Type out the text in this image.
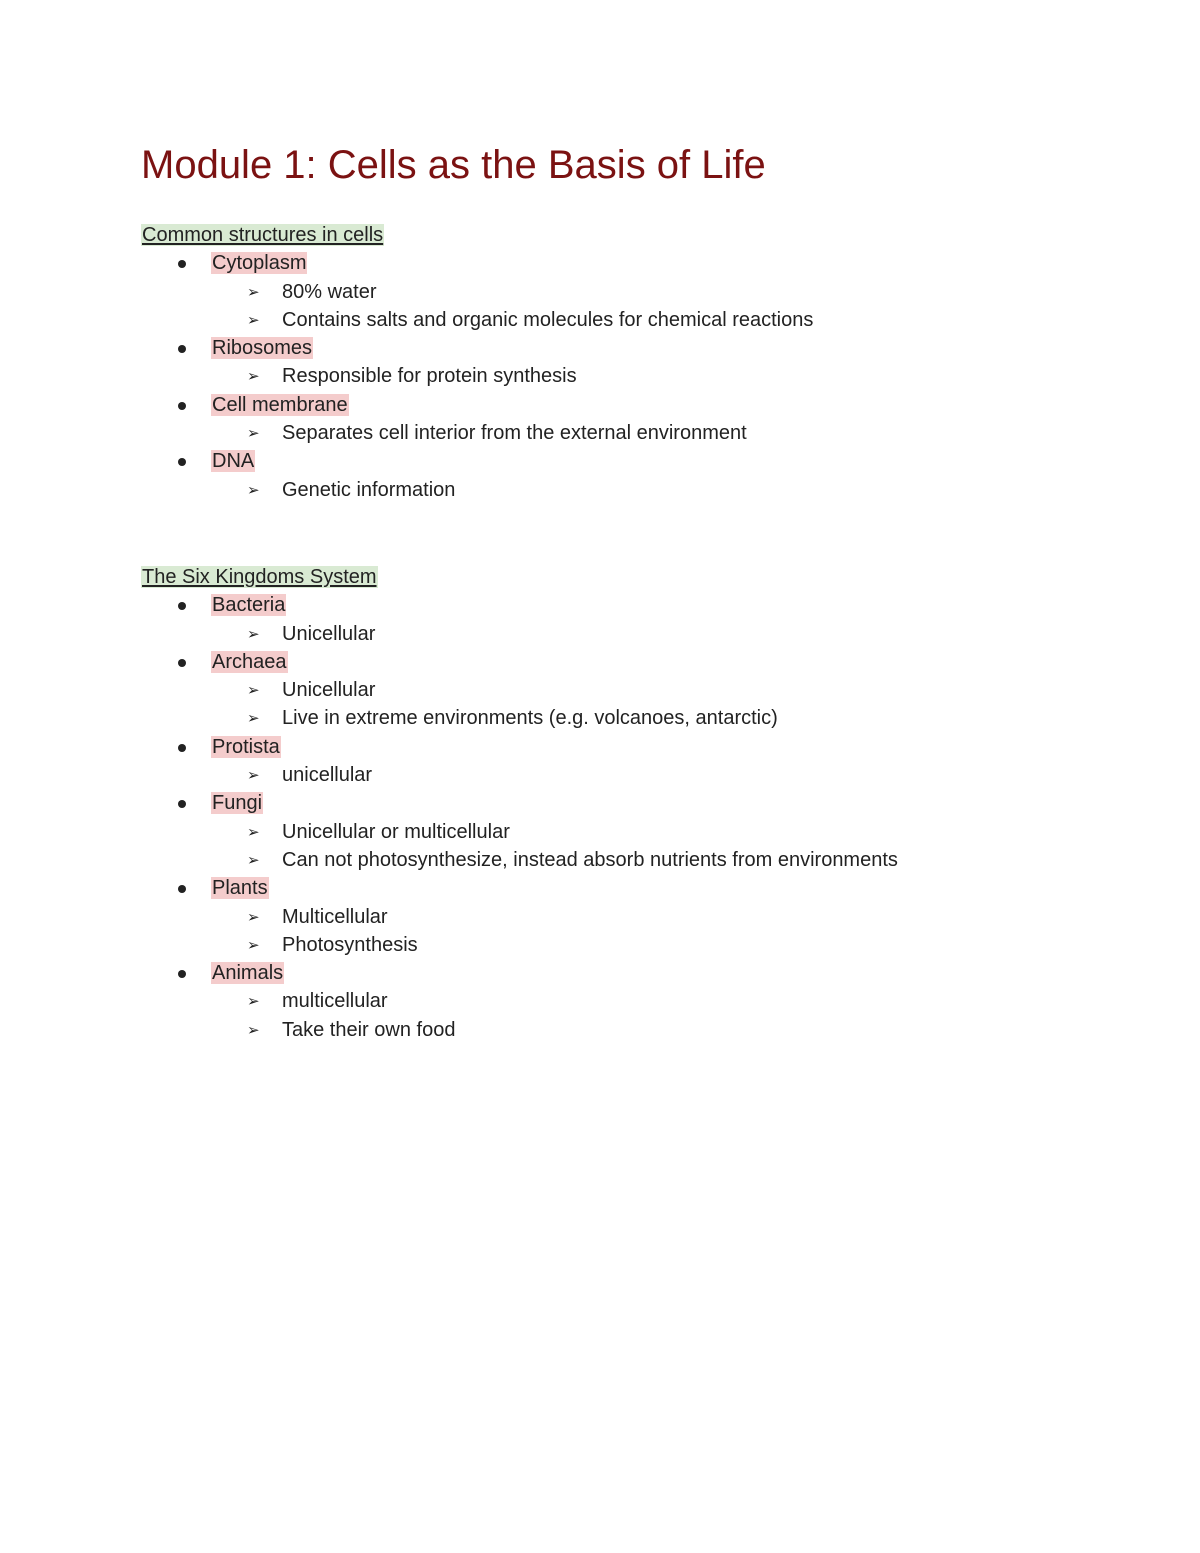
Module 1: Cells as the Basis of Life
Common structures in cells
Cytoplasm
➢ 80% water
➢ Contains salts and organic molecules for chemical reactions
Ribosomes
➢ Responsible for protein synthesis
Cell membrane
➢ Separates cell interior from the external environment
DNA
➢ Genetic information
The Six Kingdoms System
Bacteria
➢ Unicellular
Archaea
➢ Unicellular
➢ Live in extreme environments (e.g. volcanoes, antarctic)
Protista
➢ unicellular
Fungi
➢ Unicellular or multicellular
➢ Can not photosynthesize, instead absorb nutrients from environments
Plants
➢ Multicellular
➢ Photosynthesis
Animals
➢ multicellular
➢ Take their own food
